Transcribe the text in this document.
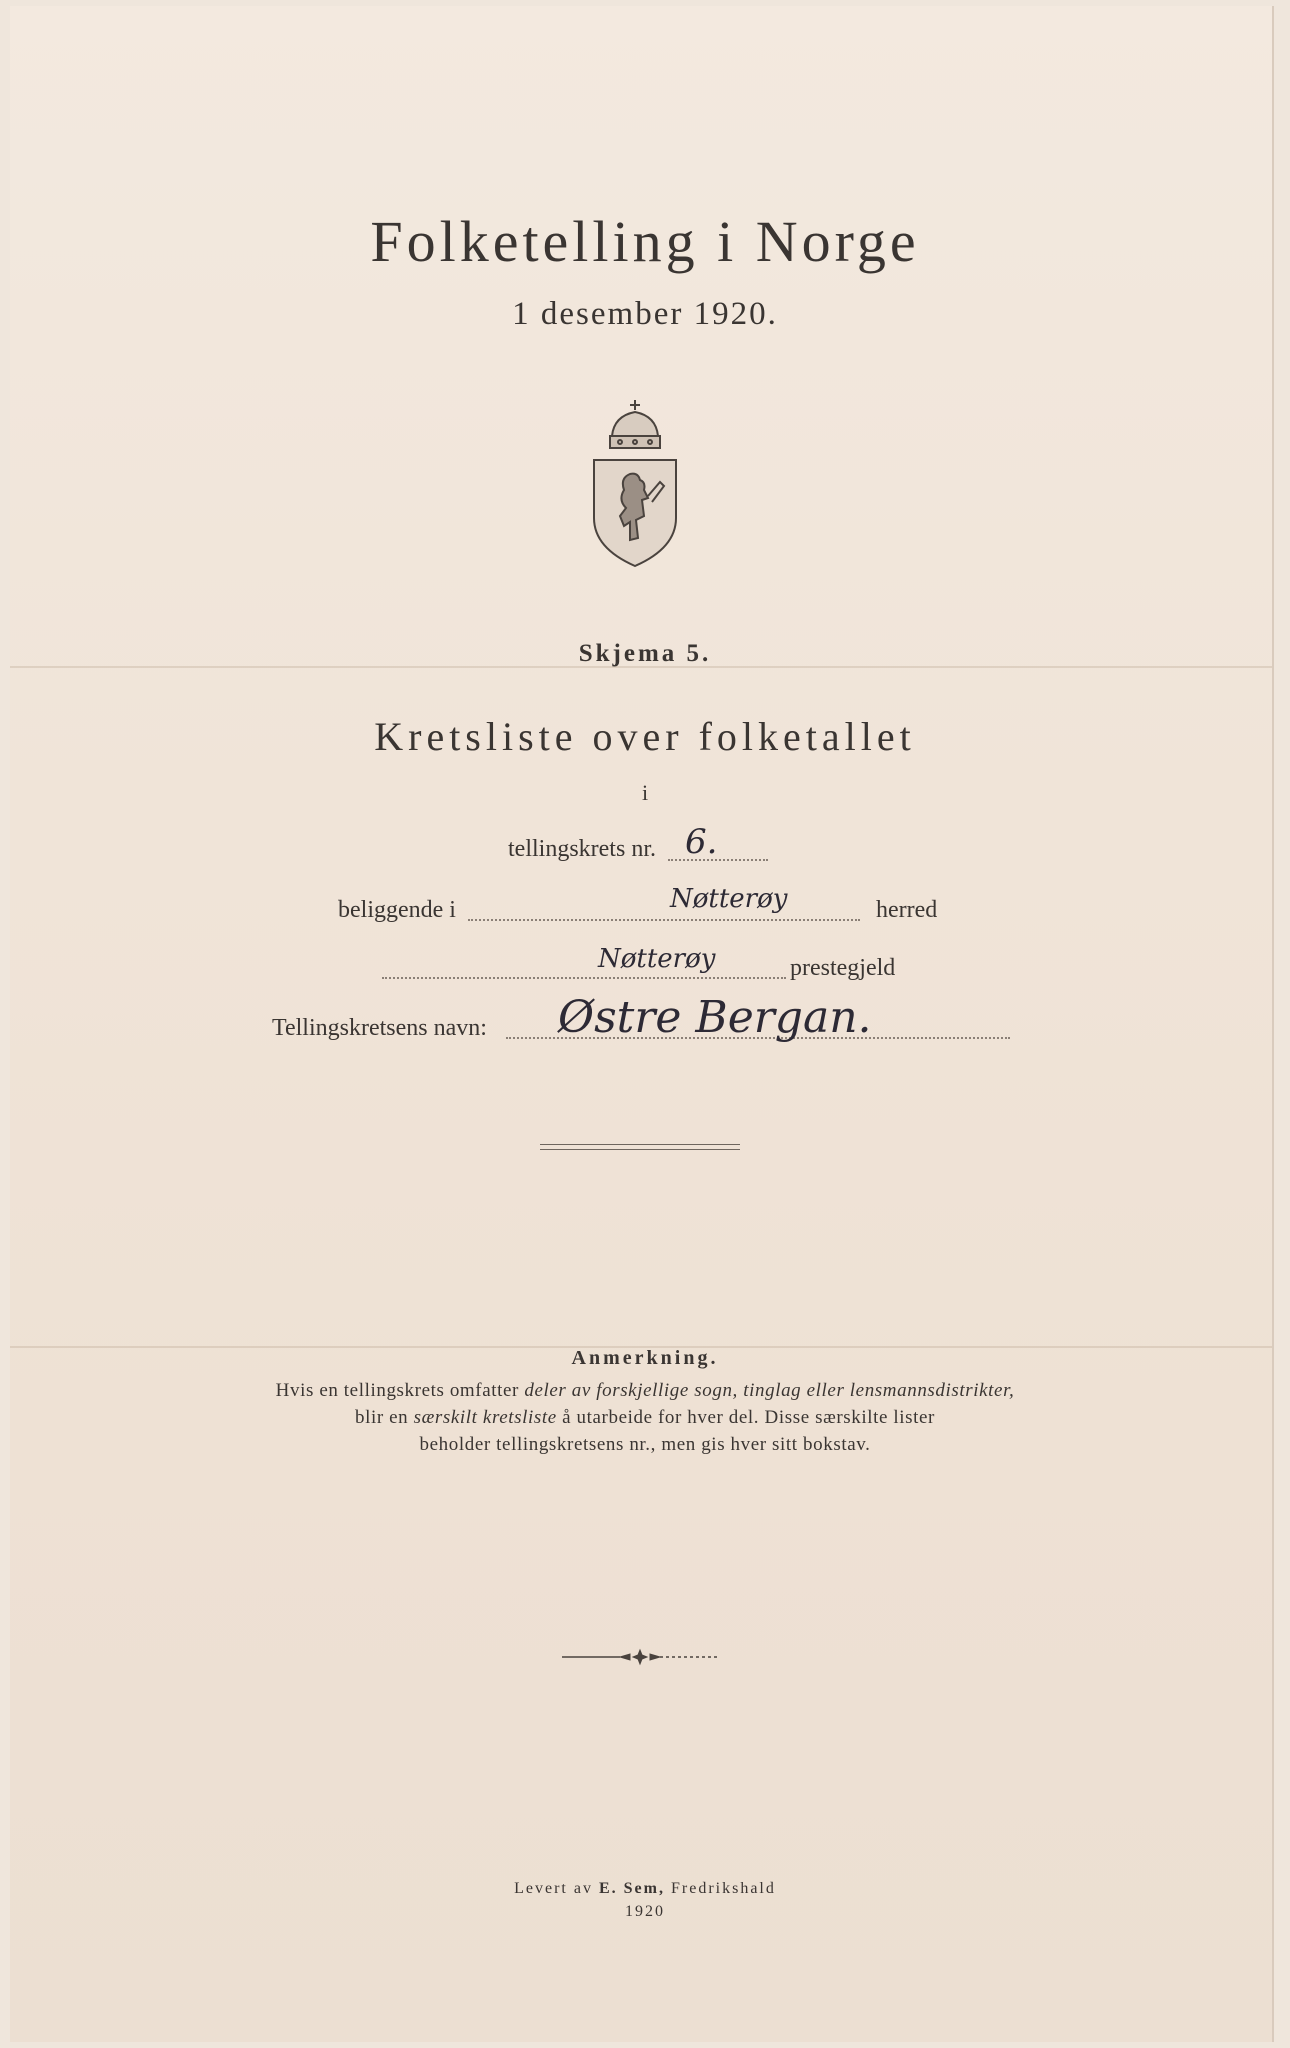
Folketelling i Norge
1 desember 1920.
Skjema 5.
Kretsliste over folketallet
i
tellingskrets nr. 6.
beliggende i	Nøtterøy	herred
Nøtterøy	prestegjeld
Tellingskretsens navn: Østre Bergan.
Anmerkning.
Hvis en tellingskrets omfatter deler av forskjellige sogn, tinglag eller lensmannsdistrikter,
blir en særskilt kretsliste å utarbeide for hver del. Disse særskilte lister
beholder tellingskretsens nr., men gis hver sitt bokstav.
Levert av E. Sem, Fredrikshald
1920
